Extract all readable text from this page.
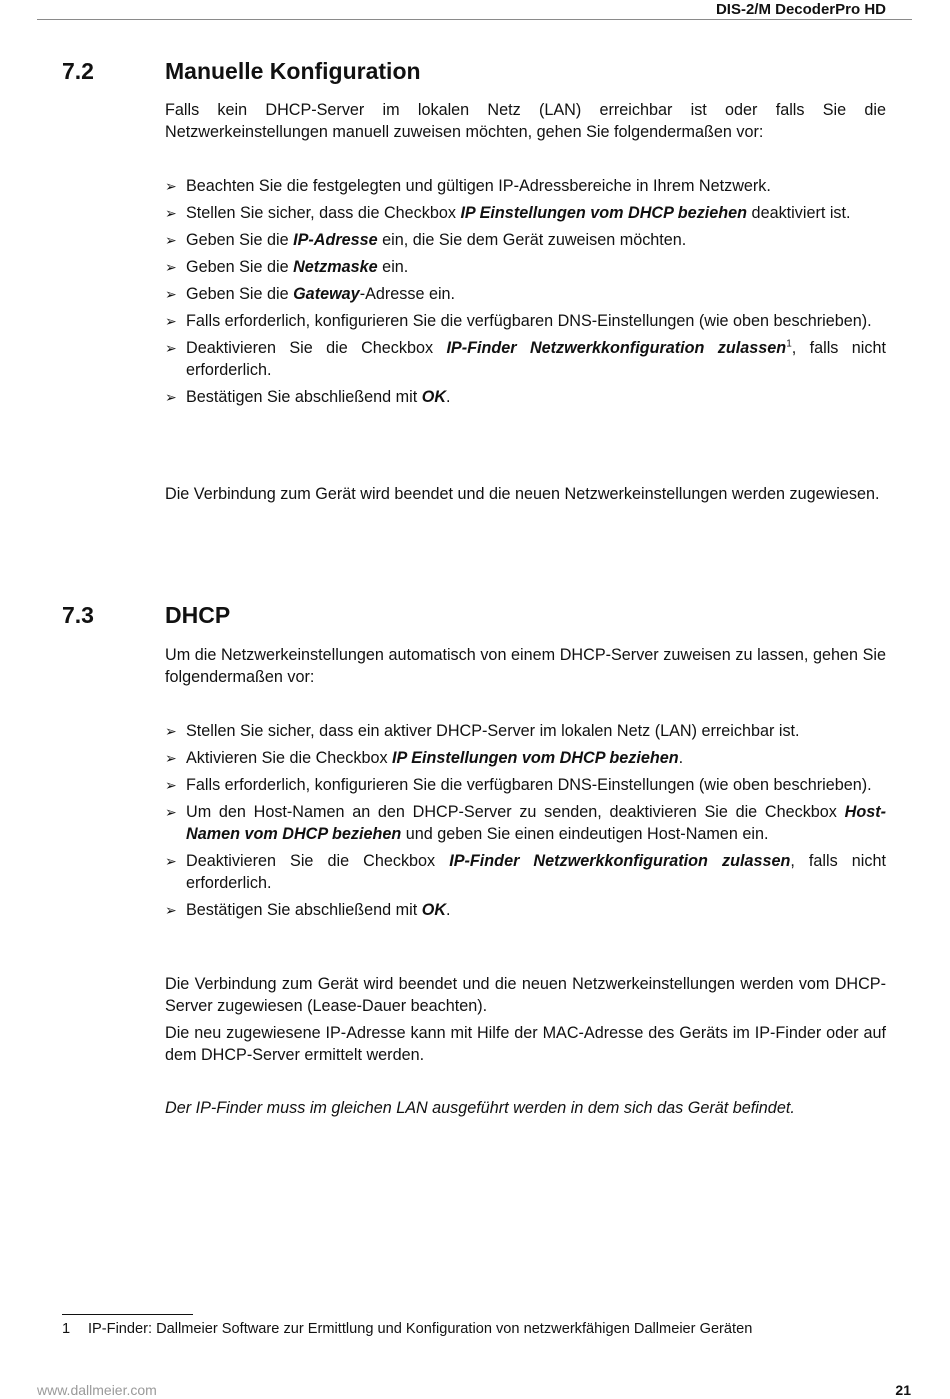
DIS-2/M DecoderPro HD
7.2	Manuelle Konfiguration

Falls kein DHCP-Server im lokalen Netz (LAN) erreichbar ist oder falls Sie die Netzwerkeinstellungen manuell zuweisen möchten, gehen Sie folgendermaßen vor:

➢ Beachten Sie die festgelegten und gültigen IP-Adressbereiche in Ihrem Netzwerk.
➢ Stellen Sie sicher, dass die Checkbox IP Einstellungen vom DHCP beziehen deaktiviert ist.
➢ Geben Sie die IP-Adresse ein, die Sie dem Gerät zuweisen möchten.
➢ Geben Sie die Netzmaske ein.
➢ Geben Sie die Gateway-Adresse ein.
➢ Falls erforderlich, konfigurieren Sie die verfügbaren DNS-Einstellungen (wie oben beschrieben).
➢ Deaktivieren Sie die Checkbox IP-Finder Netzwerkkonfiguration zulassen$^1$, falls nicht erforderlich.
➢ Bestätigen Sie abschließend mit OK.

Die Verbindung zum Gerät wird beendet und die neuen Netzwerkeinstellungen werden zugewiesen.

7.3	DHCP

Um die Netzwerkeinstellungen automatisch von einem DHCP-Server zuweisen zu lassen, gehen Sie folgendermaßen vor:

➢ Stellen Sie sicher, dass ein aktiver DHCP-Server im lokalen Netz (LAN) erreichbar ist.
➢ Aktivieren Sie die Checkbox IP Einstellungen vom DHCP beziehen.
➢ Falls erforderlich, konfigurieren Sie die verfügbaren DNS-Einstellungen (wie oben beschrieben).
➢ Um den Host-Namen an den DHCP-Server zu senden, deaktivieren Sie die Checkbox Host-Namen vom DHCP beziehen und geben Sie einen eindeutigen Host-Namen ein.
➢ Deaktivieren Sie die Checkbox IP-Finder Netzwerkkonfiguration zulassen, falls nicht erforderlich.
➢ Bestätigen Sie abschließend mit OK.

Die Verbindung zum Gerät wird beendet und die neuen Netzwerkeinstellungen werden vom DHCP-Server zugewiesen (Lease-Dauer beachten).

Die neu zugewiesene IP-Adresse kann mit Hilfe der MAC-Adresse des Geräts im IP-Finder oder auf dem DHCP-Server ermittelt werden.

Der IP-Finder muss im gleichen LAN ausgeführt werden in dem sich das Gerät befindet.

1 IP-Finder: Dallmeier Software zur Ermittlung und Konfiguration von netzwerkfähigen Dallmeier Geräten
www.dallmeier.com	21
